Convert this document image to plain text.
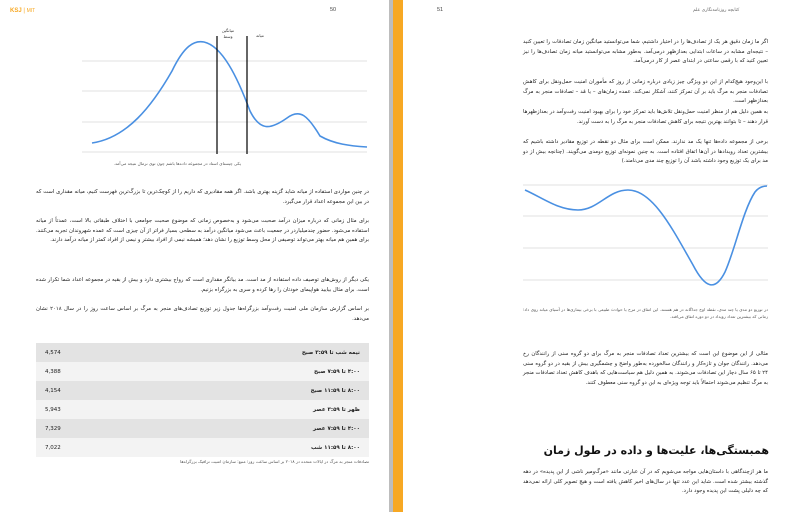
KSJ | MIT	50
میانگین
وسط	میانه
یکی چیستای استاد در مجموعه داده‌ها باشم چون توی نرمال نتیجه می‌آمد.

در چنین مواردی استفاده از میانه شاید گزینه بهتری باشد. اگر همه مقادیری که داریم را از کوچک‌ترین تا بزرگ‌ترین فهرست کنیم، میانه مقداری است که در بین این مجموعه اعداد قرار می‌گیرد.

برای مثال زمانی که درباره میزان درآمد صحبت می‌شود و به‌خصوص زمانی که موضوع صحبت جوامعی با اختلاف طبقاتی بالا است، عمدتاً از میانه استفاده می‌شود. حضور چندمیلیاردر در جمعیت باعث می‌شود میانگین درآمد به سطحی بسیار فراتر از آن چیزی است که عمده شهروندان تجربه می‌کنند. برای همین هم میانه بهتر می‌تواند توصیفی از محل وسط توزیع را نشان دهد؛ همیشه نیمی از افراد بیشتر و نیمی از افراد کمتر از میانه درآمد دارند.

یکی دیگر از روش‌های توصیف داده استفاده از مد است. مد بیانگر مقداری است که رواج بیشتری دارد و بیش از بقیه در مجموعه اعداد شما تکرار شده است. برای مثال بیایید هواپیمای خودتان را رها کرده و سری به بزرگراه بزنیم.

بر اساس گزارش سازمان ملی امنیت رفت‌وآمد بزرگراه‌ها جدول زیر توزیع تصادف‌های منجر به مرگ بر اساس ساعت روز را در سال ۲۰۱۸ نشان می‌دهد.

4,574	نیمه شب تا ۳:۵۹ صبح
4,388	۴:۰۰ تا ۷:۵۹ صبح
4,154	۸:۰۰ تا ۱۱:۵۹ صبح
5,943	ظهر تا ۳:۵۹ عصر
7,329	۴:۰۰ تا ۷:۵۹ عصر
7,022	۸:۰۰ تا ۱۱:۵۹ شب
تصادفات منجر به مرگ در ایالات متحده در ۲۰۱۸ بر اساس ساعت روز؛ منبع: سازمان امنیت ترافیک بزرگراه‌ها
51	کتابچه روزنامه‌نگاری علم

اگر ما زمان دقیق هر یک از تصادف‌ها را در اختیار داشتیم، شما می‌توانستید میانگین زمان تصادفات را تعیین کنید – نتیجه‌ای مشابه در ساعات ابتدایی بعدازظهر درمی‌آمد. به‌طور مشابه می‌توانستید میانه زمان تصادف‌ها را نیز تعیین کنید که با رقمی ساعتی در ابتدای عصر از کار درمی‌آمد.

با این‌وجود هیچ‌کدام از این دو ویژگی چیز زیادی درباره زمانی از روز که مأموران امنیت حمل‌ونقل برای کاهش تصادفات منجر به مرگ باید بر آن تمرکز کنند، آشکار نمی‌کند. عمده زمان‌های – یا مُد – تصادفات منجر به مرگ بعدازظهر است.

به همین دلیل هم از منظر امنیت حمل‌ونقل تلاش‌ها باید تمرکز خود را برای بهبود امنیت رفت‌وآمد در بعدازظهرها قرار دهند – تا بتوانند بهترین نتیجه برای کاهش تصادفات منجر به مرگ را به دست آورند.

برخی از مجموعه داده‌ها تنها یک مد ندارند. ممکن است برای مثال دو نقطه در توزیع مقادیر داشته باشیم که بیشترین تعداد رویدادها در آن‌ها اتفاق افتاده است. به چنین نمونه‌ای توزیع دومدی می‌گویند. (چنانچه بیش از دو مد برای یک توزیع وجود داشته باشد آن را توزیع چند مدی می‌نامند.)

در توزیع دو مدی یا چند مدی، نقطه اوج جداگانه در هم هستند. این اتفاق در مرح یا حوادث طبیعی با برخی بیماری‌ها در آسیای میانه روی داد؛ زمانی که بیشترین تعداد رویداد در دو دوره اتفاق می‌افتد.

مثالی از این موضوع این است که بیشترین تعداد تصادفات منجر به مرگ برای دو گروه سنی از رانندگان رخ می‌دهد. رانندگان جوان و تازه‌کار و رانندگان سالخورده به‌طور واضح و چشمگیری بیش از بقیه در دو گروه سنی ۲۴ تا ۶۵ سال دچار این تصادفات می‌شوند. به همین دلیل هم سیاست‌هایی که باهدف کاهش تعداد تصادفات منجر به مرگ تنظیم می‌شوند احتمالاً باید توجه ویژه‌ای به این دو گروه سنی معطوف کنند.

همبستگی‌ها، علیت‌ها و داده در طول زمان

ما هر ازچندگاهی با داستان‌هایی مواجه می‌شویم که در آن عبارتی مانند «مرگ‌ومیر ناشی از این پدیده» در دهه گذشته بیشتر شده است. شاید این عدد تنها در سال‌های اخیر کاهش یافته است و هیچ تصویر کلی ارائه نمی‌دهد که چه دلیلی پشت این پدیده وجود دارد.
